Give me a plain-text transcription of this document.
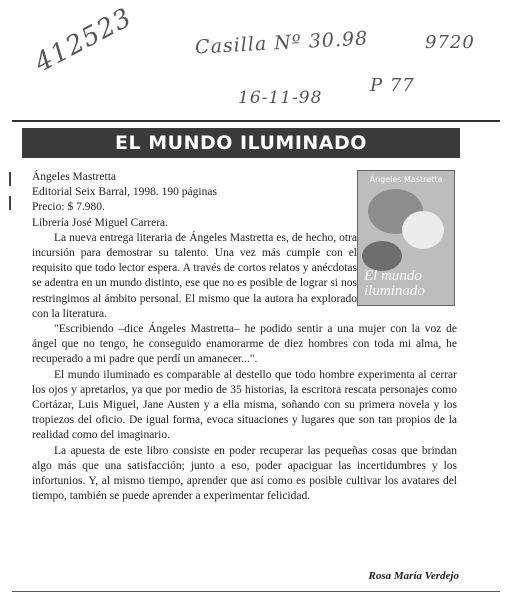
412523	Casilla Nº 30.98	9720
16-11-98
P 77
EL MUNDO ILUMINADO
Ángeles Mastretta
El mundo
iluminado

Ángeles Mastretta

Editorial Seix Barral, 1998. 190 páginas

Precio: $ 7.980.

Librería José Miguel Carrera.

La nueva entrega literaria de Ángeles Mastretta es, de hecho, otra incursión para demostrar su talento. Una vez más cumple con el requisito que todo lector espera. A través de cortos relatos y anécdotas se adentra en un mundo distinto, ese que no es posible de lograr si nos restringimos al ámbito personal. El mismo que la autora ha explorado con la literatura.

"Escribiendo –dice Ángeles Mastretta– he podido sentir a una mujer con la voz de ángel que no tengo, he conseguido enamorarme de diez hombres con toda mi alma, he recuperado a mi padre que perdí un amanecer...".

El mundo iluminado es comparable al destello que todo hombre experimenta al cerrar los ojos y apretarlos, ya que por medio de 35 historias, la escritora rescata personajes como Cortázar, Luis Miguel, Jane Austen y a ella misma, soñando con su primera novela y los tropiezos del oficio. De igual forma, evoca situaciones y lugares que son tan propios de la realidad como del imaginario.

La apuesta de este libro consiste en poder recuperar las pequeñas cosas que brindan algo más que una satisfacción; junto a eso, poder apaciguar las incertidumbres y los infortunios. Y, al mismo tiempo, aprender que así como es posible cultivar los avatares del tiempo, también se puede aprender a experimentar felicidad.

Rosa María Verdejo
